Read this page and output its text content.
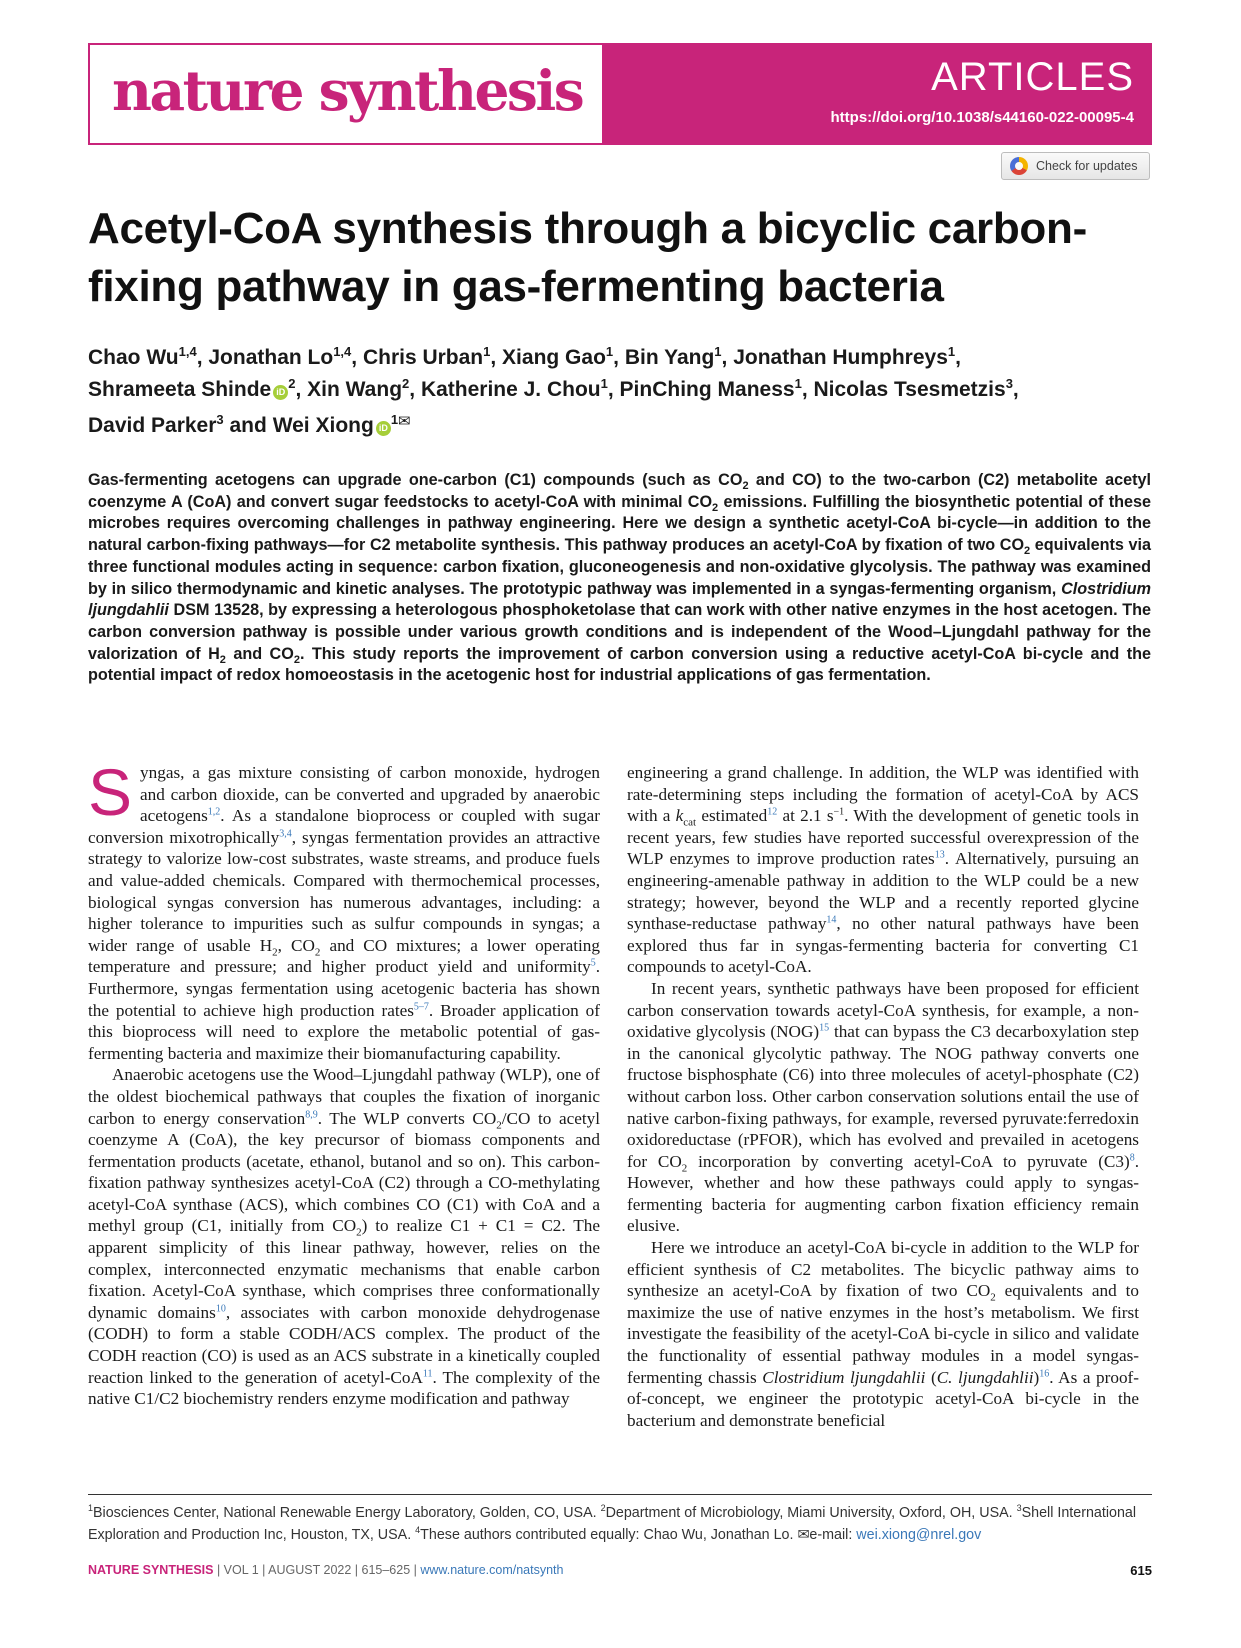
nature synthesis	ARTICLES
https://doi.org/10.1038/s44160-022-00095-4
Check for updates
Acetyl-CoA synthesis through a bicyclic carbon-
fixing pathway in gas-fermenting bacteria
Chao Wu$^{1,4}$, Jonathan Lo$^{1,4}$, Chris Urban$^1$, Xiang Gao$^1$, Bin Yang$^1$, Jonathan Humphreys$^1$,
Shrameeta Shinde $iD^2$, Xin Wang$^2$, Katherine J. Chou$^1$, PinChing Maness$^1$, Nicolas Tsesmetzis$^3$,
David Parker$^3$ and Wei Xiong $iD^{1✉}$
Gas-fermenting acetogens can upgrade one-carbon (C1) compounds (such as $CO_2$ and CO) to the two-carbon (C2) metabolite acetyl coenzyme A (CoA) and convert sugar feedstocks to acetyl-CoA with minimal $CO_2$ emissions. Fulfilling the biosynthetic potential of these microbes requires overcoming challenges in pathway engineering. Here we design a synthetic acetyl-CoA bi-cycle—in addition to the natural carbon-fixing pathways—for C2 metabolite synthesis. This pathway produces an acetyl-CoA by fixation of two $CO_2$ equivalents via three functional modules acting in sequence: carbon fixation, gluconeogenesis and non-oxidative glycolysis. The pathway was examined by in silico thermodynamic and kinetic analyses. The prototypic pathway was implemented in a syngas-fermenting organism, Clostridium ljungdahlii DSM 13528, by expressing a heterologous phosphoketolase that can work with other native enzymes in the host acetogen. The carbon conversion pathway is possible under various growth conditions and is independent of the Wood–Ljungdahl pathway for the valorization of $H_2$ and $CO_2$. This study reports the improvement of carbon conversion using a reductive acetyl-CoA bi-cycle and the potential impact of redox homoeostasis in the acetogenic host for industrial applications of gas fermentation.

Syngas, a gas mixture consisting of carbon monoxide, hydrogen and carbon dioxide, can be converted and upgraded by anaerobic acetogens$^{1,2}$. As a standalone bioprocess or coupled with sugar conversion mixotrophically$^{3,4}$, syngas fermentation provides an attractive strategy to valorize low-cost substrates, waste streams, and produce fuels and value-added chemicals. Compared with thermochemical processes, biological syngas conversion has numerous advantages, including: a higher tolerance to impurities such as sulfur compounds in syngas; a wider range of usable $H_2$, $CO_2$ and CO mixtures; a lower operating temperature and pressure; and higher product yield and uniformity$^5$. Furthermore, syngas fermentation using acetogenic bacteria has shown the potential to achieve high production rates$^{5-7}$. Broader application of this bioprocess will need to explore the metabolic potential of gas-fermenting bacteria and maximize their biomanufacturing capability.

Anaerobic acetogens use the Wood–Ljungdahl pathway (WLP), one of the oldest biochemical pathways that couples the fixation of inorganic carbon to energy conservation$^{8,9}$. The WLP converts $CO_2/CO$ to acetyl coenzyme A (CoA), the key precursor of biomass components and fermentation products (acetate, ethanol, butanol and so on). This carbon-fixation pathway synthesizes acetyl-CoA (C2) through a CO-methylating acetyl-CoA synthase (ACS), which combines CO (C1) with CoA and a methyl group (C1, initially from $CO_2$) to realize C1 + C1 = C2. The apparent simplicity of this linear pathway, however, relies on the complex, interconnected enzymatic mechanisms that enable carbon fixation. Acetyl-CoA synthase, which comprises three conformationally dynamic domains$^{10}$, associates with carbon monoxide dehydrogenase (CODH) to form a stable CODH/ACS complex. The product of the CODH reaction (CO) is used as an ACS substrate in a kinetically coupled reaction linked to the generation of acetyl-CoA$^{11}$. The complexity of the native C1/C2 biochemistry renders enzyme modification and pathway

engineering a grand challenge. In addition, the WLP was identified with rate-determining steps including the formation of acetyl-CoA by ACS with a $k_{cat}$ estimated$^{12}$ at 2.1 $s^{-1}$. With the development of genetic tools in recent years, few studies have reported successful overexpression of the WLP enzymes to improve production rates$^{13}$. Alternatively, pursuing an engineering-amenable pathway in addition to the WLP could be a new strategy; however, beyond the WLP and a recently reported glycine synthase-reductase pathway$^{14}$, no other natural pathways have been explored thus far in syngas-fermenting bacteria for converting C1 compounds to acetyl-CoA.

In recent years, synthetic pathways have been proposed for efficient carbon conservation towards acetyl-CoA synthesis, for example, a non-oxidative glycolysis (NOG)$^{15}$ that can bypass the C3 decarboxylation step in the canonical glycolytic pathway. The NOG pathway converts one fructose bisphosphate (C6) into three molecules of acetyl-phosphate (C2) without carbon loss. Other carbon conservation solutions entail the use of native carbon-fixing pathways, for example, reversed pyruvate:ferredoxin oxidoreductase (rPFOR), which has evolved and prevailed in acetogens for $CO_2$ incorporation by converting acetyl-CoA to pyruvate $(C3)^8$. However, whether and how these pathways could apply to syngas-fermenting bacteria for augmenting carbon fixation efficiency remain elusive.

Here we introduce an acetyl-CoA bi-cycle in addition to the WLP for efficient synthesis of C2 metabolites. The bicyclic pathway aims to synthesize an acetyl-CoA by fixation of two $CO_2$ equivalents and to maximize the use of native enzymes in the host’s metabolism. We first investigate the feasibility of the acetyl-CoA bi-cycle in silico and validate the functionality of essential pathway modules in a model syngas-fermenting chassis Clostridium ljungdahlii (C. ljungdahlii)$^{16}$. As a proof-of-concept, we engineer the prototypic acetyl-CoA bi-cycle in the bacterium and demonstrate beneficial

$^1$Biosciences Center, National Renewable Energy Laboratory, Golden, CO, USA. $^2$Department of Microbiology, Miami University, Oxford, OH, USA. $^3$Shell International Exploration and Production Inc, Houston, TX, USA. $^4$These authors contributed equally: Chao Wu, Jonathan Lo. ✉e-mail: wei.xiong@nrel.gov
NATURE SYNTHESIS | VOL 1 | AUGUST 2022 | 615–625 | www.nature.com/natsynth	615
